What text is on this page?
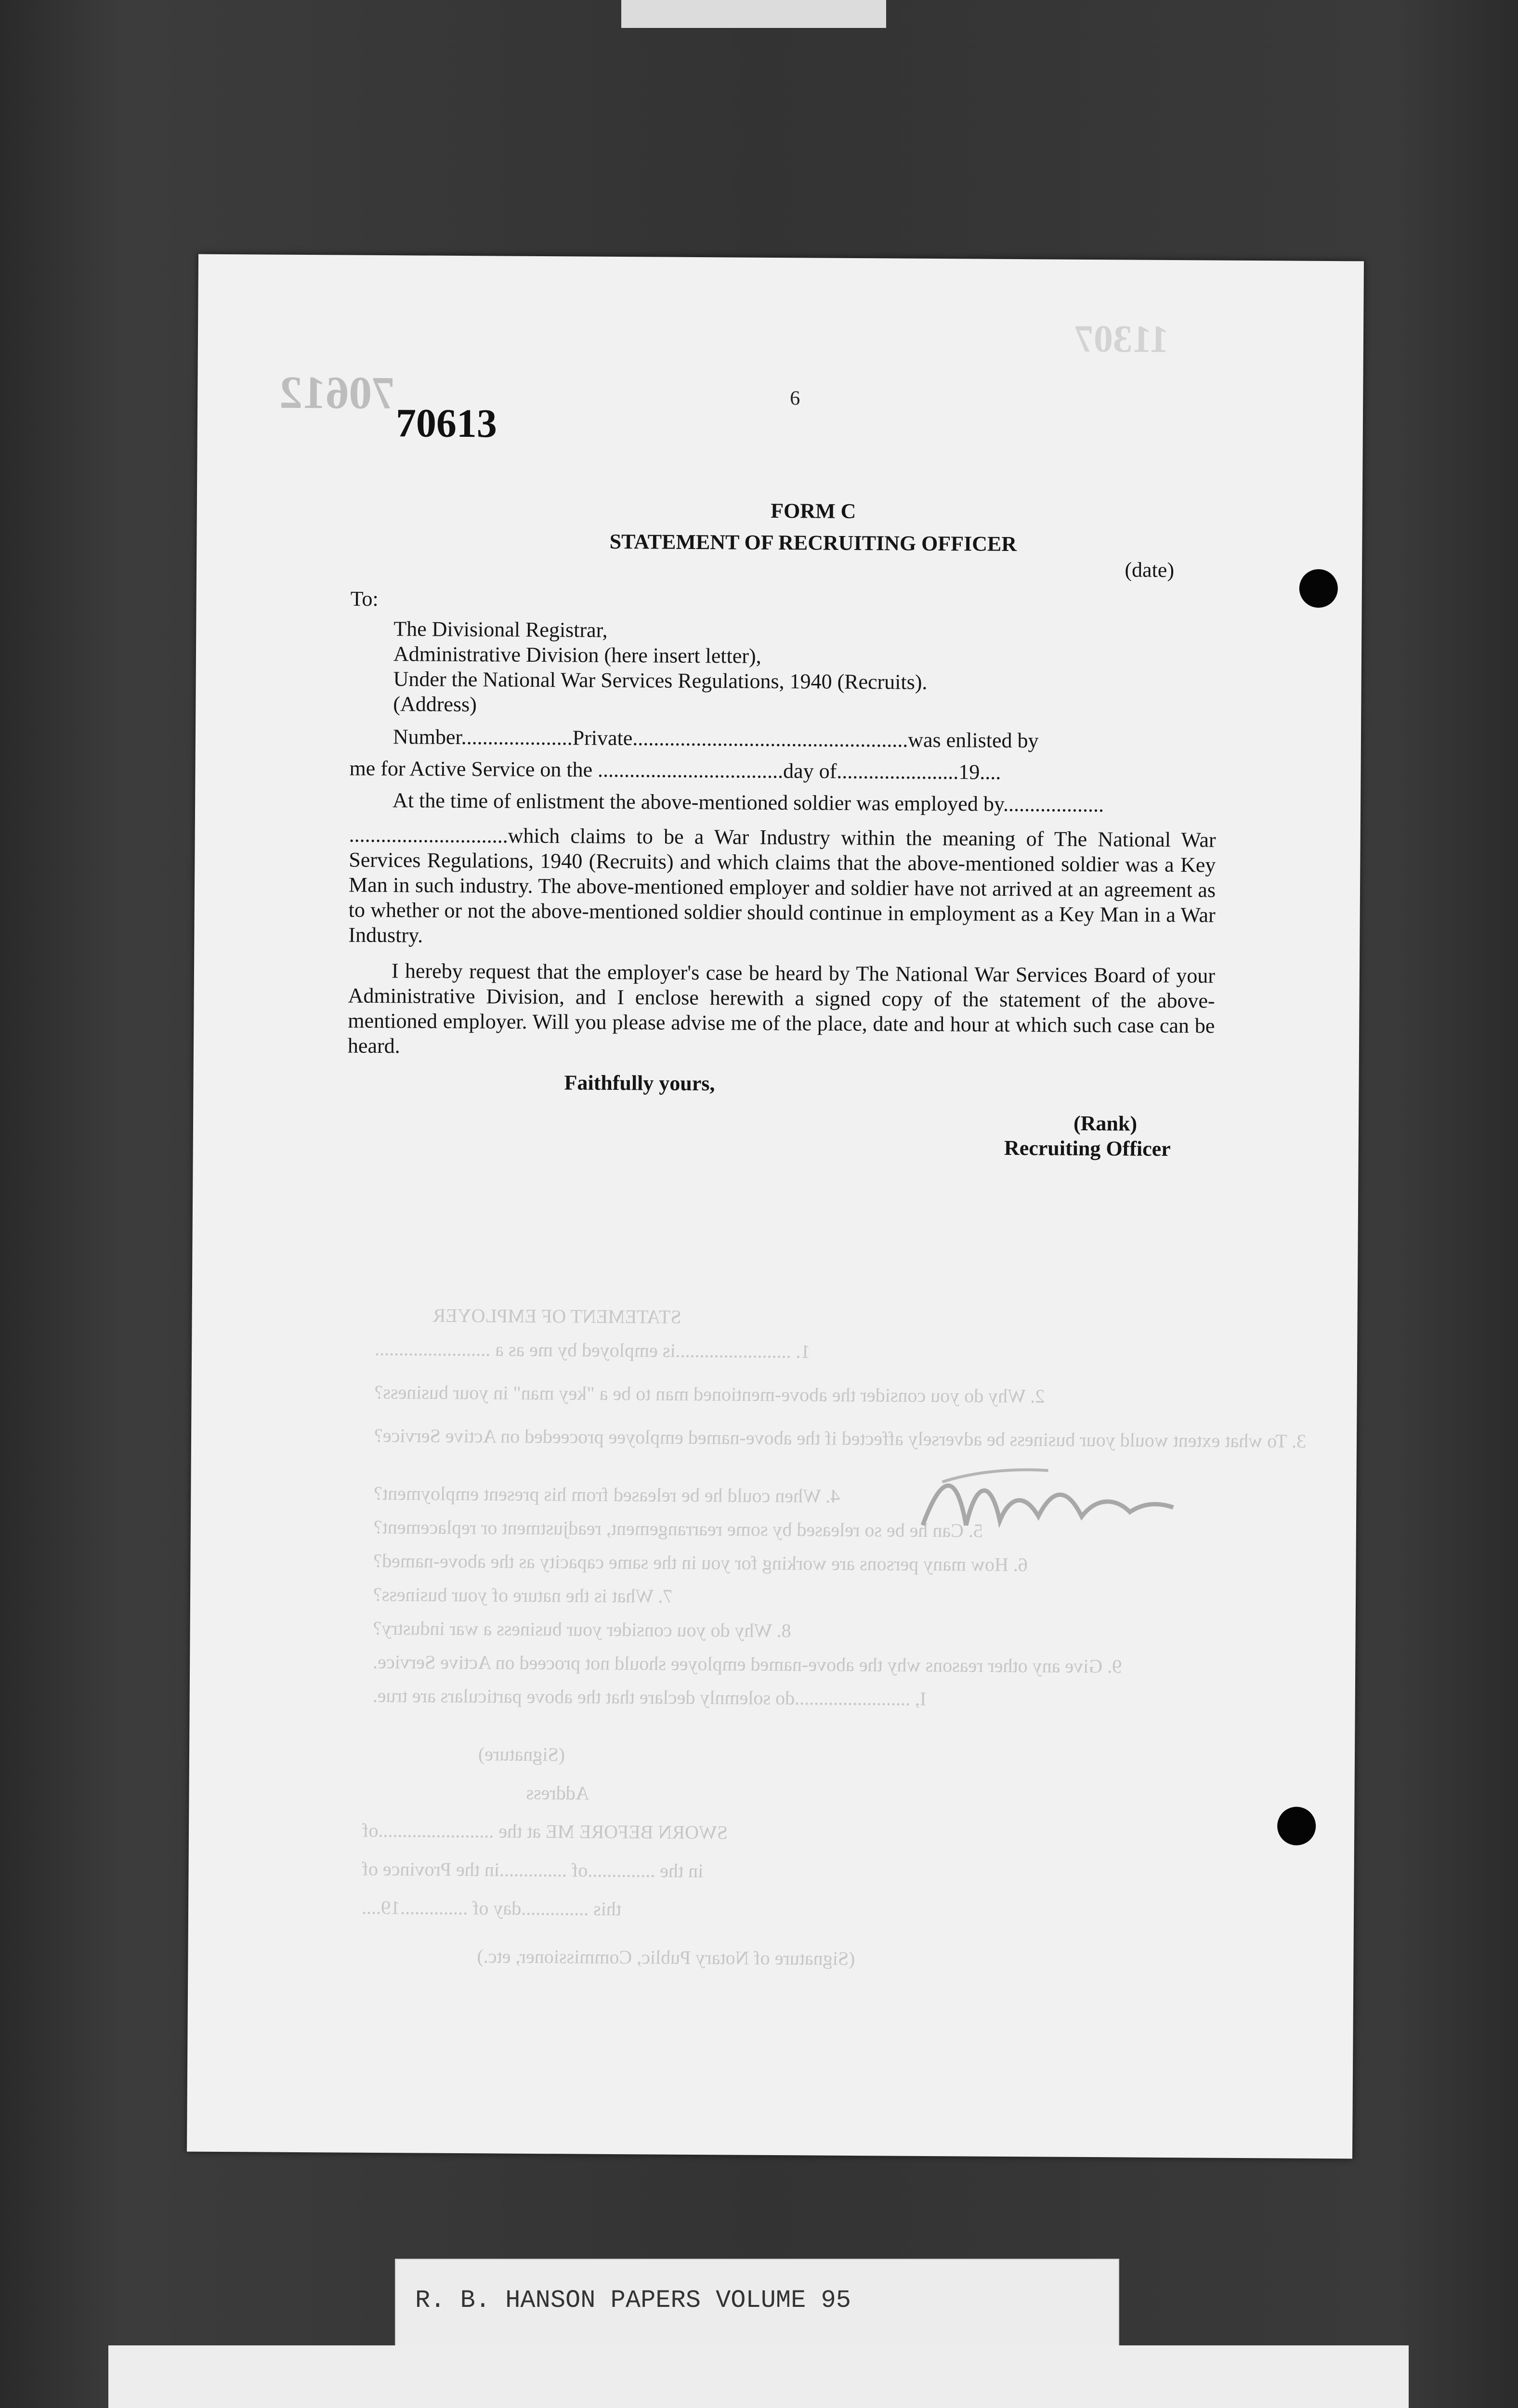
70612
11307
70613
6
STATEMENT OF EMPLOYER
1. ........................is employed by me as a ........................
2. Why do you consider the above-mentioned man to be a "key man" in your business?
3. To what extent would your business be adversely affected if the above-named employee proceeded on Active Service?
4. When could he be released from his present employment?
5. Can he be so released by some rearrangement, readjustment or replacement?
6. How many persons are working for you in the same capacity as the above-named?
7. What is the nature of your business?
8. Why do you consider your business a war industry?
9. Give any other reasons why the above-named employee should not proceed on Active Service.
I, ........................do solemnly declare that the above particulars are true.
(Signature)
Address
SWORN BEFORE ME at the ........................of
in the ..............of ..............in the Province of
this ..............day of ..............19....
(Signature of Notary Public, Commissioner, etc.)
FORM C
STATEMENT OF RECRUITING OFFICER
(date)
To:
The Divisional Registrar,
Administrative Division (here insert letter),
Under the National War Services Regulations, 1940 (Recruits).
(Address)
Number.....................Private....................................................was enlisted by
me for Active Service on the ...................................day of.......................19....
At the time of enlistment the above-mentioned soldier was employed by...................
..............................which claims to be a War Industry within the meaning of The National War Services Regulations, 1940 (Recruits) and which claims that the above-mentioned soldier was a Key Man in such industry. The above-mentioned employer and soldier have not arrived at an agreement as to whether or not the above-mentioned soldier should continue in employment as a Key Man in a War Industry.
I hereby request that the employer's case be heard by The National War Services Board of your Administrative Division, and I enclose herewith a signed copy of the statement of the above-mentioned employer. Will you please advise me of the place, date and hour at which such case can be heard.
Faithfully yours,
(Rank)
Recruiting Officer
R. B. HANSON PAPERS VOLUME 95
